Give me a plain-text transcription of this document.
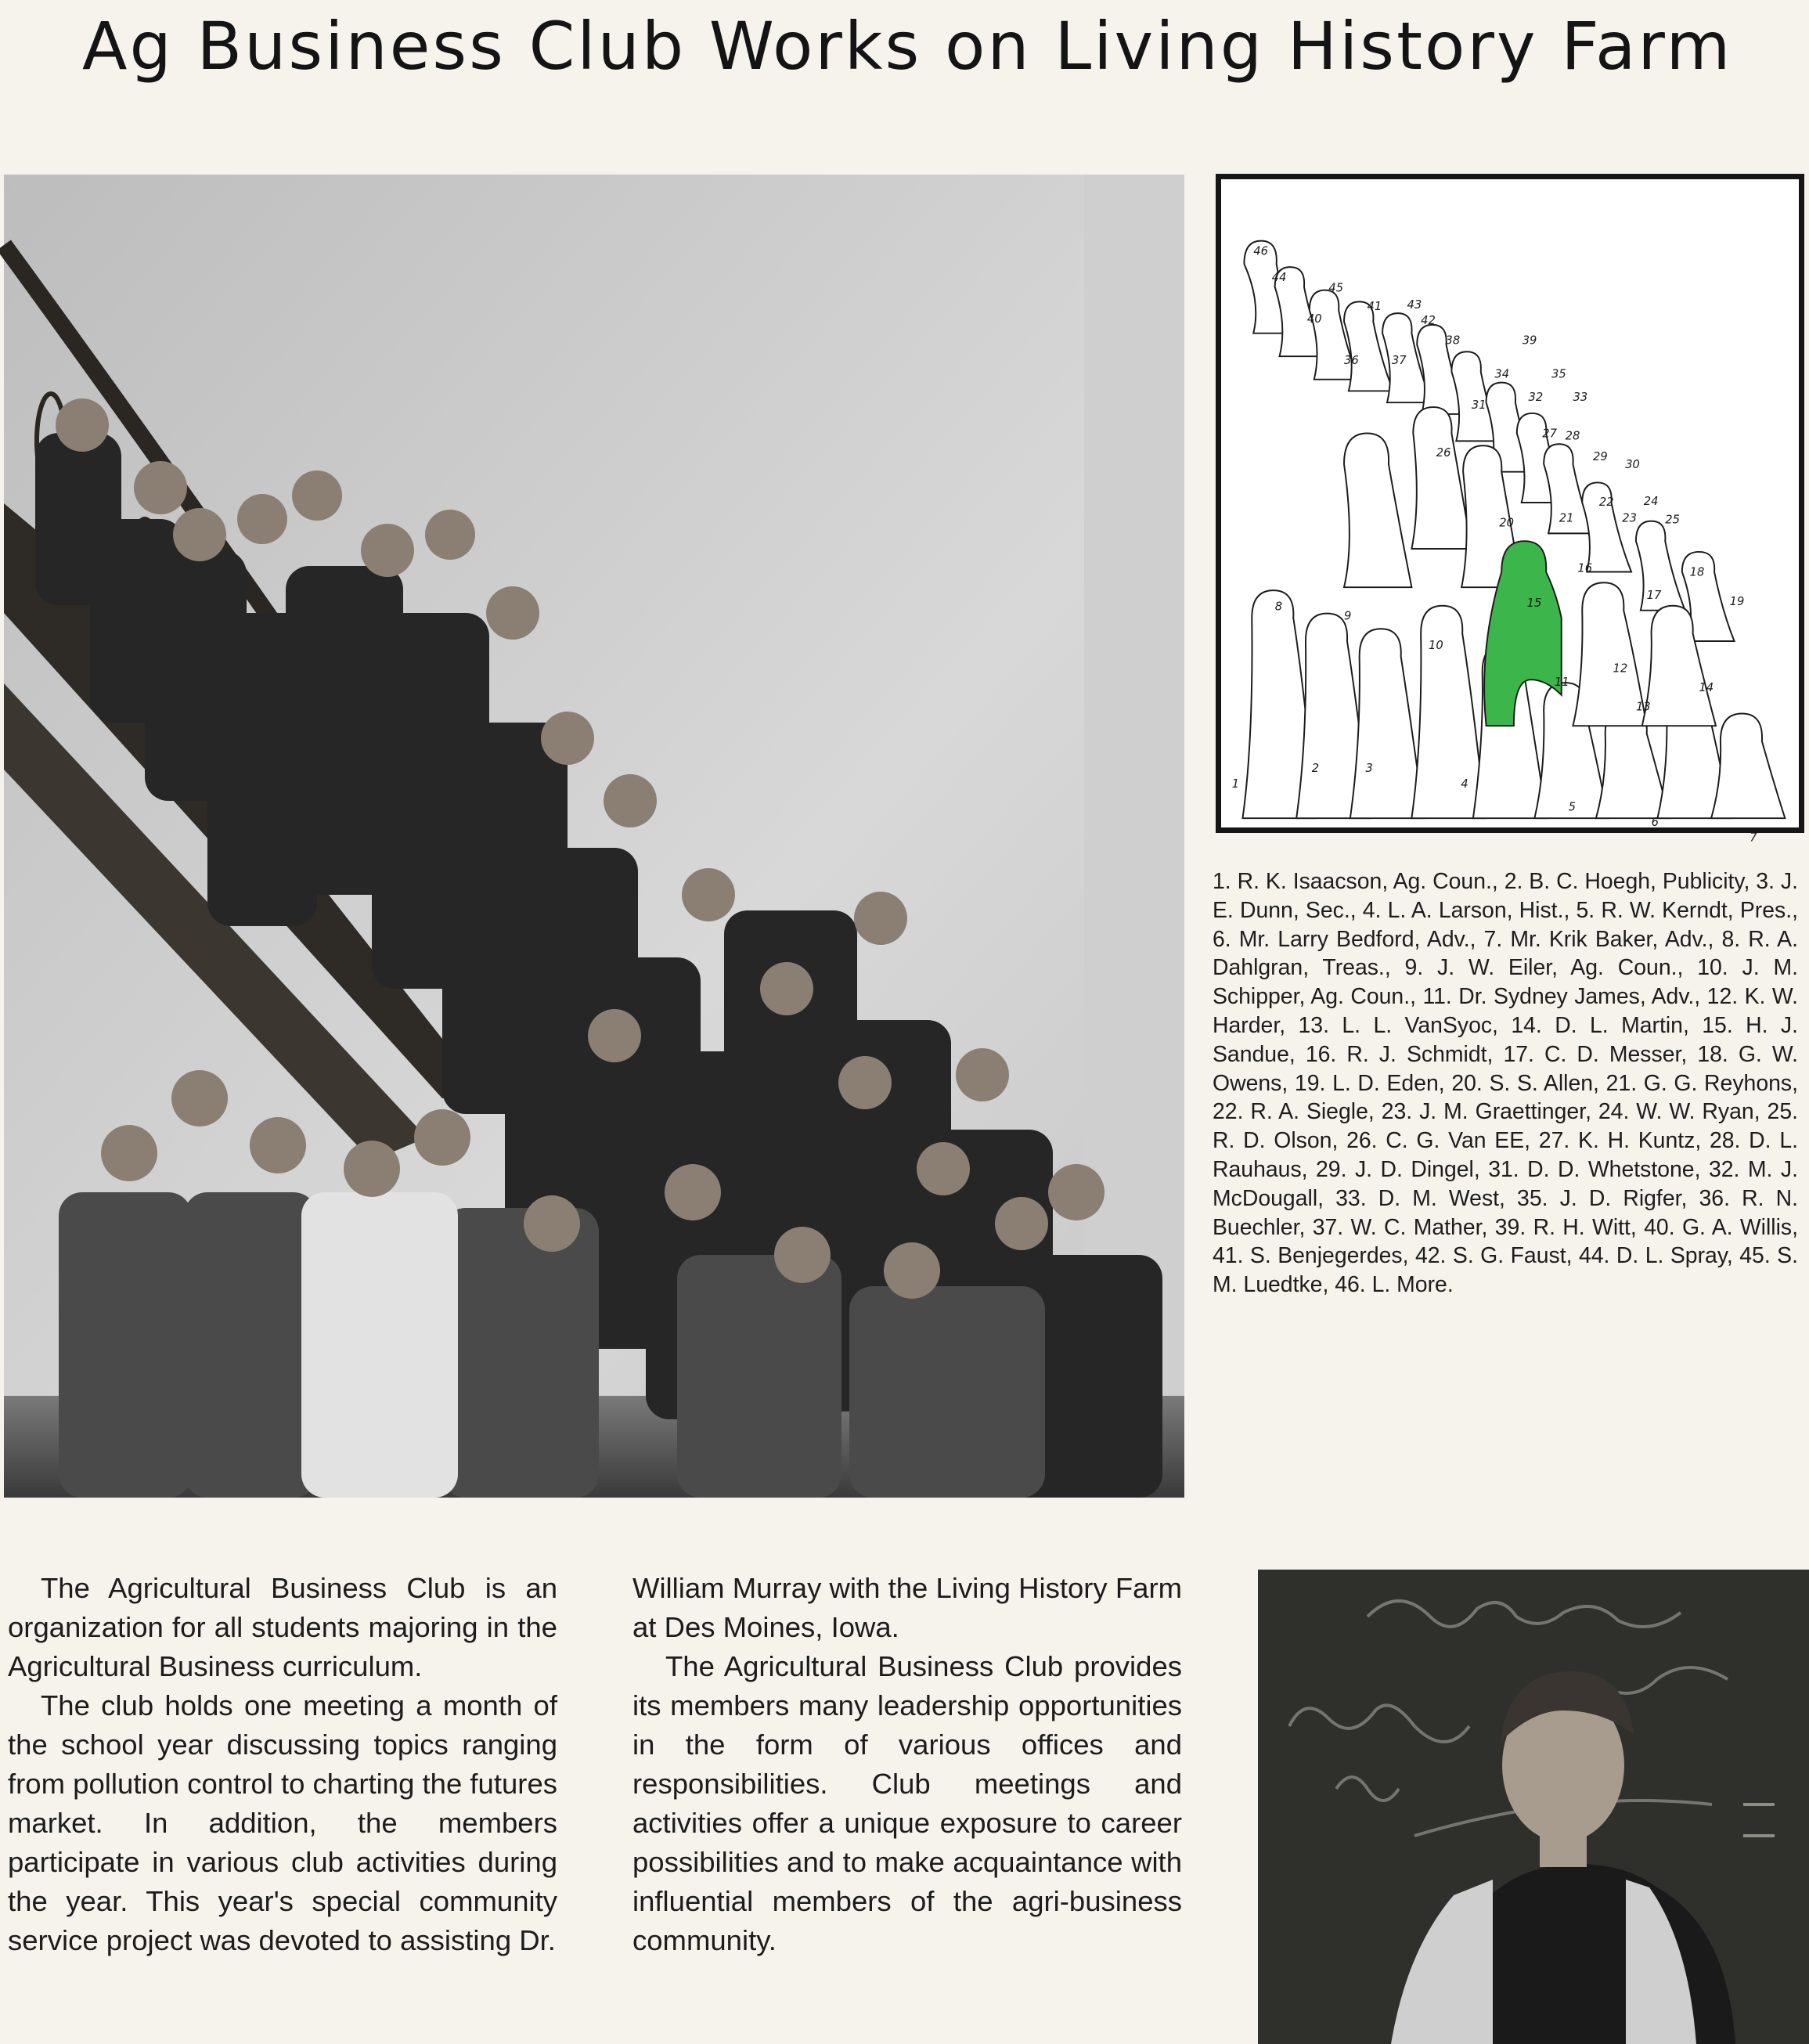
Ag Business Club Works on Living History Farm
1
2	3
4
5
6
7
8
9
10
11
12
13
14
15
16
17
18
19
20	21
22
23
24
25
26
27 28
29
30
31
32	33
34	35
36	37
38	39
40
41
42
43
44
45
46

1. R. K. Isaacson, Ag. Coun., 2. B. C. Hoegh, Publicity, 3. J. E. Dunn, Sec., 4. L. A. Larson, Hist., 5. R. W. Kerndt, Pres., 6. Mr. Larry Bedford, Adv., 7. Mr. Krik Baker, Adv., 8. R. A. Dahlgran, Treas., 9. J. W. Eiler, Ag. Coun., 10. J. M. Schipper, Ag. Coun., 11. Dr. Sydney James, Adv., 12. K. W. Harder, 13. L. L. VanSyoc, 14. D. L. Martin, 15. H. J. Sandue, 16. R. J. Schmidt, 17. C. D. Messer, 18. G. W. Owens, 19. L. D. Eden, 20. S. S. Allen, 21. G. G. Reyhons, 22. R. A. Siegle, 23. J. M. Graettinger, 24. W. W. Ryan, 25. R. D. Olson, 26. C. G. Van EE, 27. K. H. Kuntz, 28. D. L. Rauhaus, 29. J. D. Dingel, 31. D. D. Whetstone, 32. M. J. McDougall, 33. D. M. West, 35. J. D. Rigfer, 36. R. N. Buechler, 37. W. C. Mather, 39. R. H. Witt, 40. G. A. Willis, 41. S. Benjegerdes, 42. S. G. Faust, 44. D. L. Spray, 45. S. M. Luedtke, 46. L. More.

The Agricultural Business Club is an organization for all students majoring in the Agricultural Business curriculum.

The club holds one meeting a month of the school year discussing topics ranging from pollution control to charting the futures market. In addition, the members participate in various club activities during the year. This year's special community service project was devoted to assisting Dr.

William Murray with the Living History Farm at Des Moines, Iowa.

The Agricultural Business Club provides its members many leadership opportunities in the form of various offices and responsibilities. Club meetings and activities offer a unique exposure to career possibilities and to make acquaintance with influential members of the agri-business community.
